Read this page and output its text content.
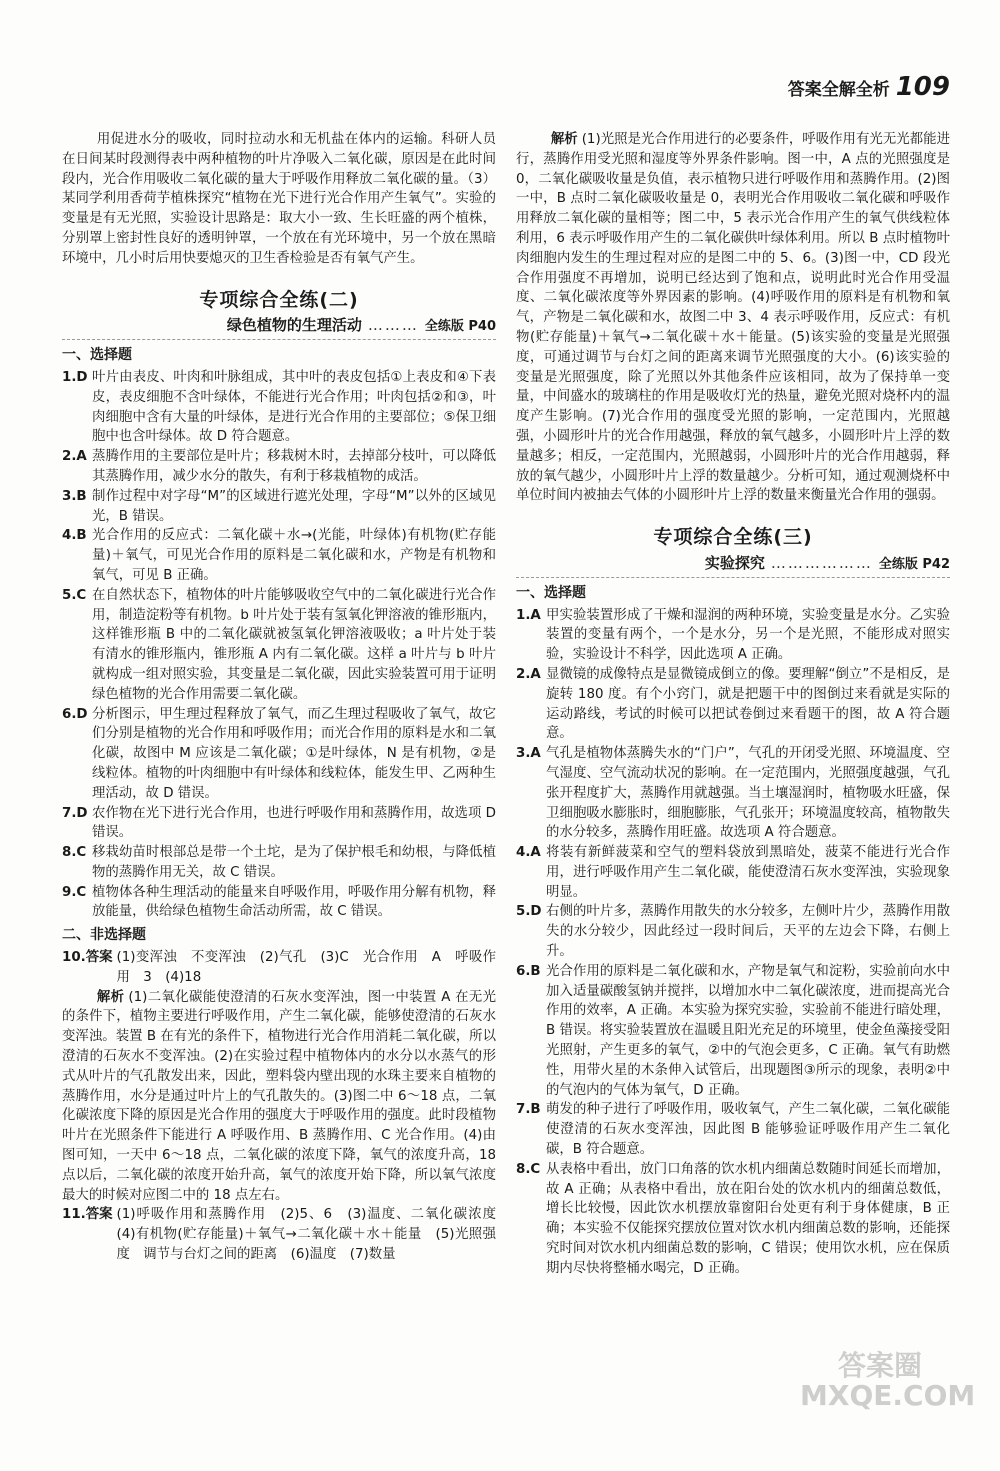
答案全解全析 109

用促进水分的吸收，同时拉动水和无机盐在体内的运输。科研人员在日间某时段测得表中两种植物的叶片净吸入二氧化碳，原因是在此时间段内，光合作用吸收二氧化碳的量大于呼吸作用释放二氧化碳的量。（3）某同学利用香荷芋植株探究“植物在光下进行光合作用产生氧气”。实验的变量是有无光照，实验设计思路是：取大小一致、生长旺盛的两个植株，分别罩上密封性良好的透明钟罩，一个放在有光环境中，另一个放在黑暗环境中，几小时后用快要熄灭的卫生香检验是否有氧气产生。

专项综合全练(二)
绿色植物的生理活动 ……… 全练版 P40
一、选择题
1.D 叶片由表皮、叶肉和叶脉组成，其中叶的表皮包括①上表皮和④下表皮，表皮细胞不含叶绿体，不能进行光合作用；叶肉包括②和③，叶肉细胞中含有大量的叶绿体，是进行光合作用的主要部位；⑤保卫细胞中也含叶绿体。故 D 符合题意。
2.A 蒸腾作用的主要部位是叶片；移栽树木时，去掉部分枝叶，可以降低其蒸腾作用，减少水分的散失，有利于移栽植物的成活。
3.B 制作过程中对字母“M”的区域进行遮光处理，字母“M”以外的区域见光，B 错误。
4.B 光合作用的反应式：二氧化碳＋水→(光能，叶绿体)有机物(贮存能量)＋氧气，可见光合作用的原料是二氧化碳和水，产物是有机物和氧气，可见 B 正确。
5.C 在自然状态下，植物体的叶片能够吸收空气中的二氧化碳进行光合作用，制造淀粉等有机物。b 叶片处于装有氢氧化钾溶液的锥形瓶内，这样锥形瓶 B 中的二氧化碳就被氢氧化钾溶液吸收；a 叶片处于装有清水的锥形瓶内，锥形瓶 A 内有二氧化碳。这样 a 叶片与 b 叶片就构成一组对照实验，其变量是二氧化碳，因此实验装置可用于证明绿色植物的光合作用需要二氧化碳。
6.D 分析图示，甲生理过程释放了氧气，而乙生理过程吸收了氧气，故它们分别是植物的光合作用和呼吸作用；而光合作用的原料是水和二氧化碳，故图中 M 应该是二氧化碳；①是叶绿体，N 是有机物，②是线粒体。植物的叶肉细胞中有叶绿体和线粒体，能发生甲、乙两种生理活动，故 D 错误。
7.D 农作物在光下进行光合作用，也进行呼吸作用和蒸腾作用，故选项 D 错误。
8.C 移栽幼苗时根部总是带一个土坨，是为了保护根毛和幼根，与降低植物的蒸腾作用无关，故 C 错误。
9.C 植物体各种生理活动的能量来自呼吸作用，呼吸作用分解有机物，释放能量，供给绿色植物生命活动所需，故 C 错误。
二、非选择题
10.答案 (1)变浑浊　不变浑浊　(2)气孔　(3)C　光合作用　A　呼吸作用　3　(4)18

解析 (1)二氧化碳能使澄清的石灰水变浑浊，图一中装置 A 在无光的条件下，植物主要进行呼吸作用，产生二氧化碳，能够使澄清的石灰水变浑浊。装置 B 在有光的条件下，植物进行光合作用消耗二氧化碳，所以澄清的石灰水不变浑浊。(2)在实验过程中植物体内的水分以水蒸气的形式从叶片的气孔散发出来，因此，塑料袋内壁出现的水珠主要来自植物的蒸腾作用，水分是通过叶片上的气孔散失的。(3)图二中 6～18 点，二氧化碳浓度下降的原因是光合作用的强度大于呼吸作用的强度。此时段植物叶片在光照条件下能进行 A 呼吸作用、B 蒸腾作用、C 光合作用。(4)由图可知，一天中 6～18 点，二氧化碳的浓度下降，氧气的浓度升高，18 点以后，二氧化碳的浓度开始升高，氧气的浓度开始下降，所以氧气浓度最大的时候对应图二中的 18 点左右。

11.答案 (1)呼吸作用和蒸腾作用　(2)5、6　(3)温度、二氧化碳浓度　(4)有机物(贮存能量)＋氧气→二氧化碳＋水＋能量　(5)光照强度　调节与台灯之间的距离　(6)温度　(7)数量

解析 (1)光照是光合作用进行的必要条件，呼吸作用有光无光都能进行，蒸腾作用受光照和湿度等外界条件影响。图一中，A 点的光照强度是 0，二氧化碳吸收量是负值，表示植物只进行呼吸作用和蒸腾作用。(2)图一中，B 点时二氧化碳吸收量是 0，表明光合作用吸收二氧化碳和呼吸作用释放二氧化碳的量相等；图二中，5 表示光合作用产生的氧气供线粒体利用，6 表示呼吸作用产生的二氧化碳供叶绿体利用。所以 B 点时植物叶肉细胞内发生的生理过程对应的是图二中的 5、6。(3)图一中，CD 段光合作用强度不再增加，说明已经达到了饱和点，说明此时光合作用受温度、二氧化碳浓度等外界因素的影响。(4)呼吸作用的原料是有机物和氧气，产物是二氧化碳和水，故图二中 3、4 表示呼吸作用，反应式：有机物(贮存能量)＋氧气→二氧化碳＋水＋能量。(5)该实验的变量是光照强度，可通过调节与台灯之间的距离来调节光照强度的大小。(6)该实验的变量是光照强度，除了光照以外其他条件应该相同，故为了保持单一变量，中间盛水的玻璃柱的作用是吸收灯光的热量，避免光照对烧杯内的温度产生影响。(7)光合作用的强度受光照的影响，一定范围内，光照越强，小圆形叶片的光合作用越强，释放的氧气越多，小圆形叶片上浮的数量越多；相反，一定范围内，光照越弱，小圆形叶片的光合作用越弱，释放的氧气越少，小圆形叶片上浮的数量越少。分析可知，通过观测烧杯中单位时间内被抽去气体的小圆形叶片上浮的数量来衡量光合作用的强弱。

专项综合全练(三)
实验探究 ……………… 全练版 P42
一、选择题
1.A 甲实验装置形成了干燥和湿润的两种环境，实验变量是水分。乙实验装置的变量有两个，一个是水分，另一个是光照，不能形成对照实验，实验设计不科学，因此选项 A 正确。
2.A 显微镜的成像特点是显微镜成倒立的像。要理解“倒立”不是相反，是旋转 180 度。有个小窍门，就是把题干中的图倒过来看就是实际的运动路线，考试的时候可以把试卷倒过来看题干的图，故 A 符合题意。
3.A 气孔是植物体蒸腾失水的“门户”，气孔的开闭受光照、环境温度、空气湿度、空气流动状况的影响。在一定范围内，光照强度越强，气孔张开程度扩大，蒸腾作用就越强。当土壤湿润时，植物吸水旺盛，保卫细胞吸水膨胀时，细胞膨胀，气孔张开；环境温度较高，植物散失的水分较多，蒸腾作用旺盛。故选项 A 符合题意。
4.A 将装有新鲜菠菜和空气的塑料袋放到黑暗处，菠菜不能进行光合作用，进行呼吸作用产生二氧化碳，能使澄清石灰水变浑浊，实验现象明显。
5.D 右侧的叶片多，蒸腾作用散失的水分较多，左侧叶片少，蒸腾作用散失的水分较少，因此经过一段时间后，天平的左边会下降，右侧上升。
6.B 光合作用的原料是二氧化碳和水，产物是氧气和淀粉，实验前向水中加入适量碳酸氢钠并搅拌，以增加水中二氧化碳浓度，进而提高光合作用的效率，A 正确。本实验为探究实验，实验前不能进行暗处理，B 错误。将实验装置放在温暖且阳光充足的环境里，使金鱼藻接受阳光照射，产生更多的氧气，②中的气泡会更多，C 正确。氧气有助燃性，用带火星的木条伸入试管后，出现题图③所示的现象，表明②中的气泡内的气体为氧气，D 正确。
7.B 萌发的种子进行了呼吸作用，吸收氧气，产生二氧化碳，二氧化碳能使澄清的石灰水变浑浊，因此图 B 能够验证呼吸作用产生二氧化碳，B 符合题意。
8.C 从表格中看出，放门口角落的饮水机内细菌总数随时间延长而增加，故 A 正确；从表格中看出，放在阳台处的饮水机内的细菌总数低，增长比较慢，因此饮水机摆放靠窗阳台处更有利于身体健康，B 正确；本实验不仅能探究摆放位置对饮水机内细菌总数的影响，还能探究时间对饮水机内细菌总数的影响，C 错误；使用饮水机，应在保质期内尽快将整桶水喝完，D 正确。
答案圈 MXQE.COM
